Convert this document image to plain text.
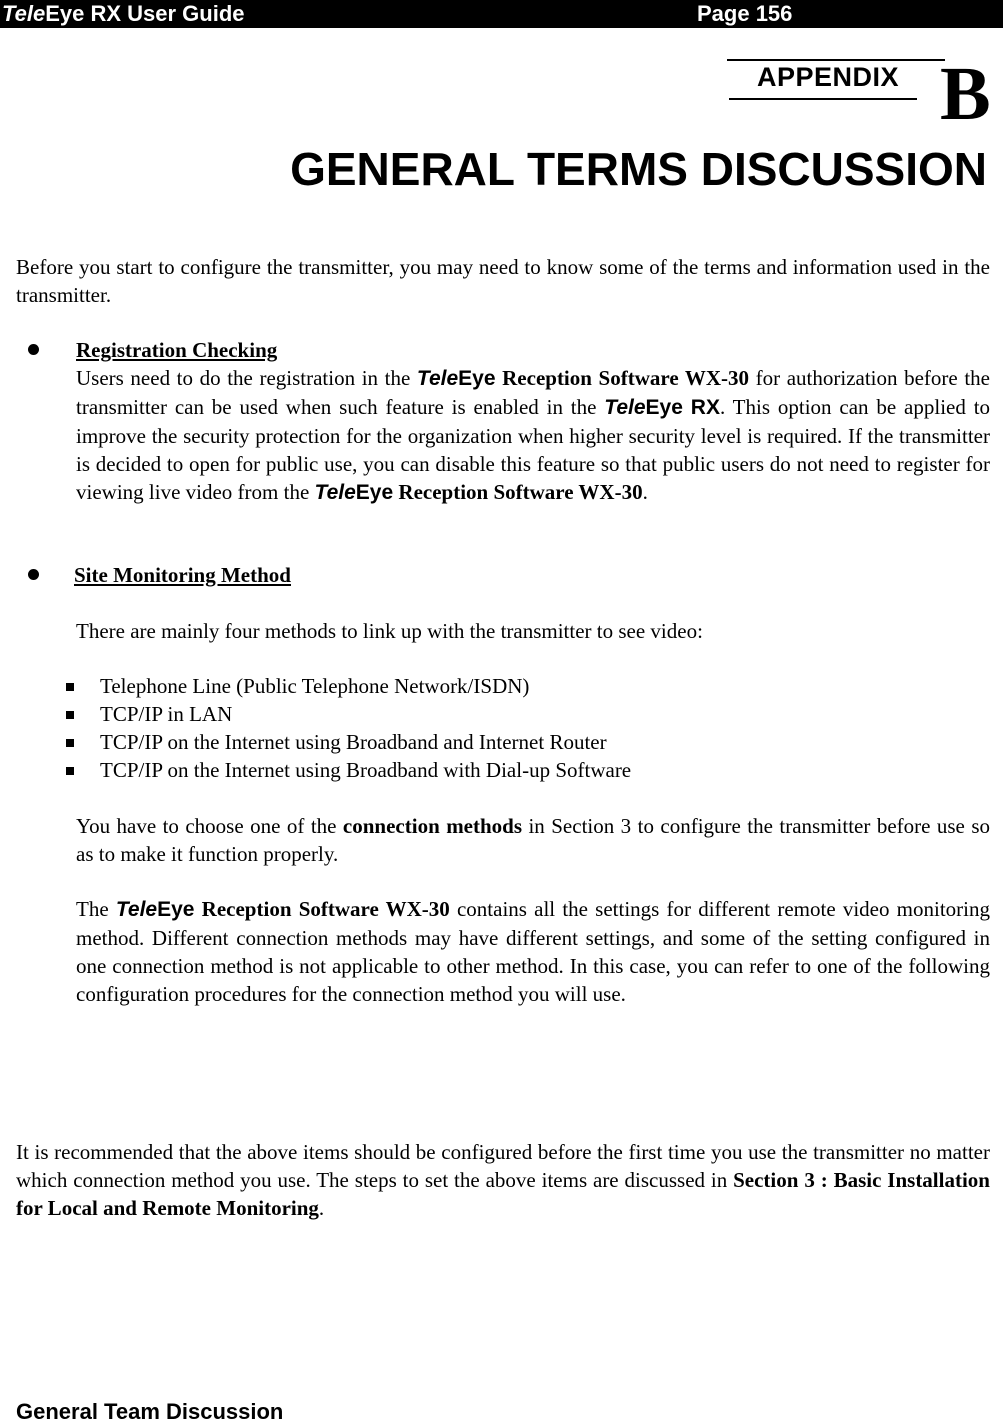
TeleEye RX User Guide	Page 156
APPENDIX B
GENERAL TERMS DISCUSSION
Before you start to configure the transmitter, you may need to know some of the terms and information used in the transmitter.
Registration Checking
Users need to do the registration in the TeleEye Reception Software WX-30 for authorization before the transmitter can be used when such feature is enabled in the TeleEye RX. This option can be applied to improve the security protection for the organization when higher security level is required. If the transmitter is decided to open for public use, you can disable this feature so that public users do not need to register for viewing live video from the TeleEye Reception Software WX-30.
Site Monitoring Method
There are mainly four methods to link up with the transmitter to see video:
Telephone Line (Public Telephone Network/ISDN)
TCP/IP in LAN
TCP/IP on the Internet using Broadband and Internet Router
TCP/IP on the Internet using Broadband with Dial-up Software
You have to choose one of the connection methods in Section 3 to configure the transmitter before use so as to make it function properly.
The TeleEye Reception Software WX-30 contains all the settings for different remote video monitoring method. Different connection methods may have different settings, and some of the setting configured in one connection method is not applicable to other method. In this case, you can refer to one of the following configuration procedures for the connection method you will use.
It is recommended that the above items should be configured before the first time you use the transmitter no matter which connection method you use. The steps to set the above items are discussed in Section 3 : Basic Installation for Local and Remote Monitoring.
General Team Discussion
